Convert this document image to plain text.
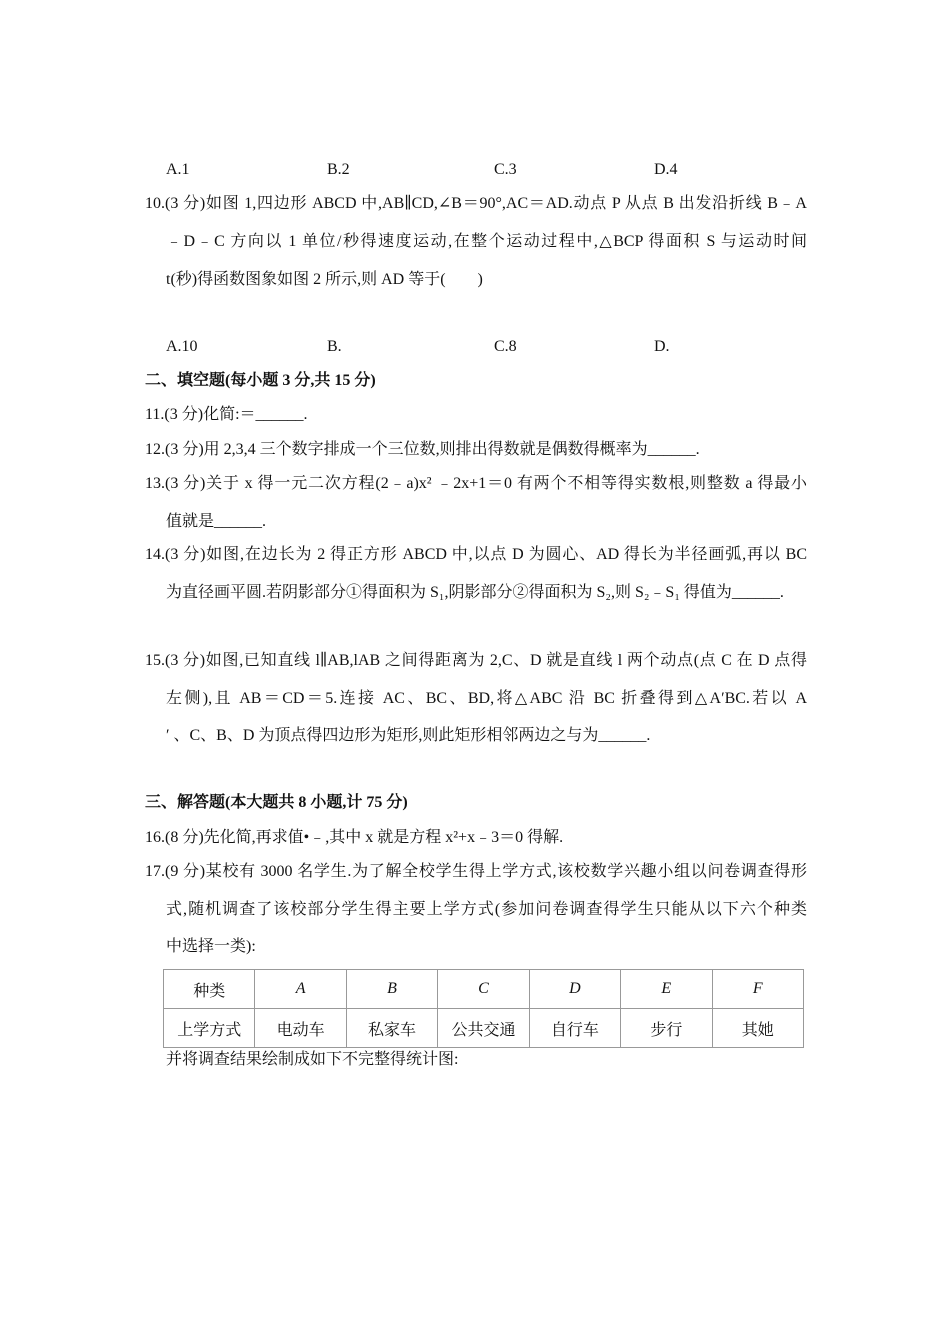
A.1	B.2	C.3	D.4
10.(3 分)如图 1,四边形 ABCD 中,AB∥CD,∠B＝90°,AC＝AD.动点 P 从点 B 出发沿折线 B﹣A
﹣D﹣C 方向以 1 单位/秒得速度运动,在整个运动过程中,△BCP 得面积 S 与运动时间
t(秒)得函数图象如图 2 所示,则 AD 等于(　　)
A.10	B.	C.8	D.
二、填空题(每小题 3 分,共 15 分)
11.(3 分)化简:＝______.
12.(3 分)用 2,3,4 三个数字排成一个三位数,则排出得数就是偶数得概率为______.
13.(3 分)关于 x 得一元二次方程(2﹣a)x² ﹣2x+1＝0 有两个不相等得实数根,则整数 a 得最小
值就是______.
14.(3 分)如图,在边长为 2 得正方形 ABCD 中,以点 D 为圆心、AD 得长为半径画弧,再以 BC
为直径画平圆.若阴影部分①得面积为 S₁,阴影部分②得面积为 S₂,则 S₂﹣S₁ 得值为______.
15.(3 分)如图,已知直线 l∥AB,lAB 之间得距离为 2,C、D 就是直线 l 两个动点(点 C 在 D 点得
左侧),且 AB＝CD＝5.连接 AC、BC、BD,将△ABC 沿 BC 折叠得到△A′BC.若以 A
′ 、C、B、D 为顶点得四边形为矩形,则此矩形相邻两边之与为______.
三、解答题(本大题共 8 小题,计 75 分)
16.(8 分)先化简,再求值•﹣,其中 x 就是方程 x²+x﹣3＝0 得解.
17.(9 分)某校有 3000 名学生.为了解全校学生得上学方式,该校数学兴趣小组以问卷调查得形
式,随机调查了该校部分学生得主要上学方式(参加问卷调查得学生只能从以下六个种类
中选择一类):
种类	A	B	C	D	E	F
上学方式	电动车	私家车	公共交通	自行车	步行	其她
并将调查结果绘制成如下不完整得统计图:
